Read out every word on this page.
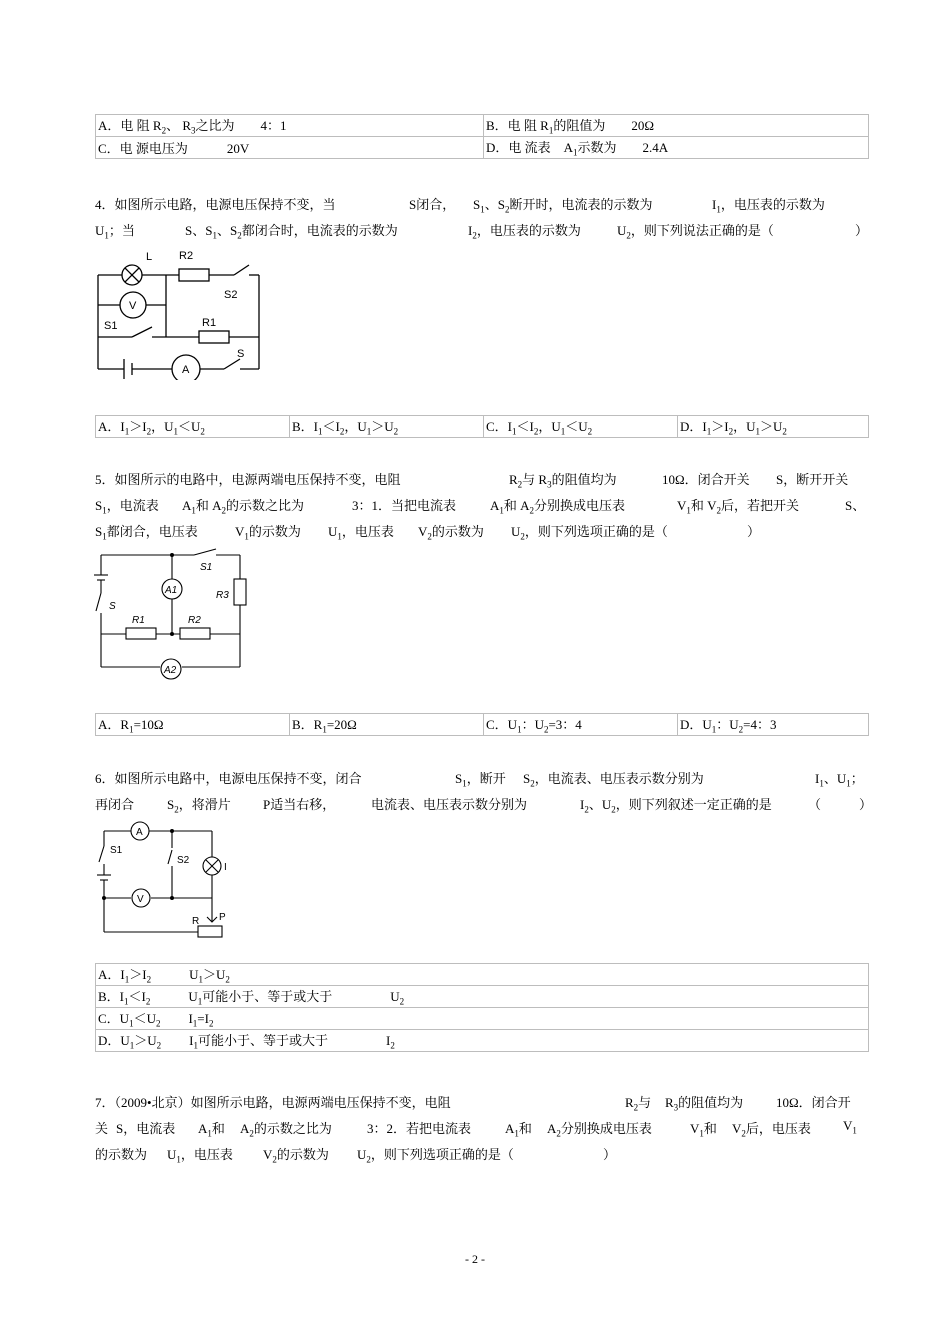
A．电 阻 $R_2$、 $R_3$之比为　　4：1	B．电 阻 $R_1$的阻值为　　20Ω
C．电 源电压为　　　20V	D．电 流表　$A_1$示数为　　2.4A
4．如图所示电路，电源电压保持不变，当	S闭合， $S_1$、$S_2$断开时，电流表的示数为	$I_1$，电压表的示数为
$U_1$；当	S、$S_1$、$S_2$都闭合时，电流表的示数为	$I_2$，电压表的示数为	$U_2$，则下列说法正确的是（	）
L R2
S2
S1	R1
S
V
A
A．$I_1>I_2$，$U_1<U_2$	B．$I_1<I_2$，$U_1>U_2$	C．$I_1<I_2$，$U_1<U_2$	D．$I_1>I_2$，$U_1>U_2$
5．如图所示的电路中，电源两端电压保持不变，电阻	$R_2$与 $R_3$的阻值均为	10Ω．闭合开关 S，断开开关
$S_1$，电流表 $A_1$和 $A_2$的示数之比为	3：1．当把电流表	$A_1$和 $A_2$分别换成电压表	$V_1$和 $V_2$后，若把开关	S、
$S_1$都闭合，电压表	$V_1$的示数为 $U_1$，电压表 $V_2$的示数为 $U_2$，则下列选项正确的是（	）
S1
S
A1	R3
R1	R2
A2
A．$R_1=10\Omega$	B．$R_1=20\Omega$	C．$U_1$：$U_2=3$：4	D．$U_1$：$U_2=4$：3
6．如图所示电路中，电源电压保持不变，闭合	$S_1$，断开 $S_2$，电流表、电压表示数分别为	$I_1$、$U_1$；
再闭合	$S_2$，将滑片 P适当右移，	电流表、电压表示数分别为	$I_2$、$U_2$，则下列叙述一定正确的是	（	）
A
S1
S2
I
V
R P
A．$I_1>I_2$	$U_1>U_2$
B．$I_1<I_2$	$U_1$可能小于、等于或大于	$U_2$
C．$U_1<U_2$ $I_1=I_2$
D．$U_1>U_2$ $I_1$可能小于、等于或大于	$I_2$
7．（2009•北京）如图所示电路，电源两端电压保持不变，电阻	$R_2$与 $R_3$的阻值均为	10Ω．闭合开
关 S，电流表 $A_1$和 $A_2$的示数之比为	3：2．若把电流表	$A_1$和 $A_2$分别换成电压表	$V_1$和 $V_2$后，电压表 $V_1$
的示数为 $U_1$，电压表 $V_2$的示数为 $U_2$，则下列选项正确的是（	）
- 2 -
